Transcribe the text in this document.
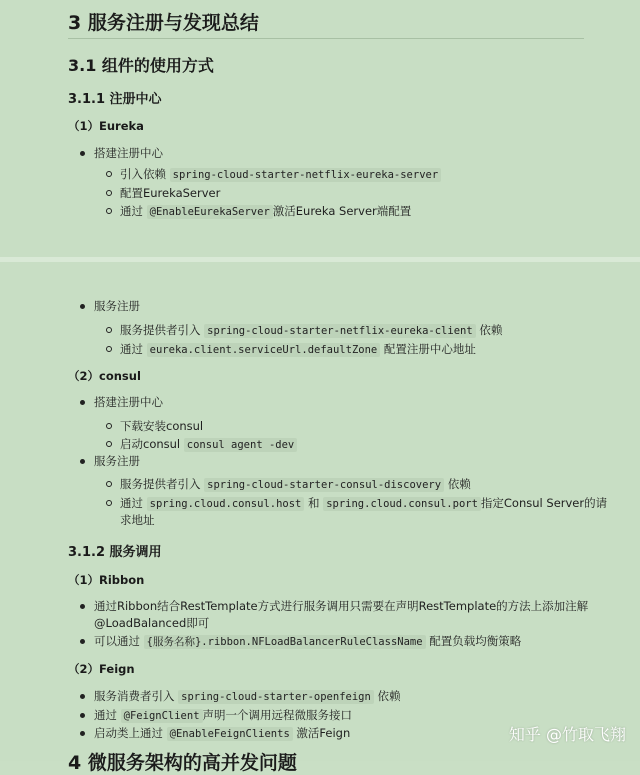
3 服务注册与发现总结
3.1 组件的使用方式
3.1.1 注册中心
（1）Eureka
搭建注册中心
引入依赖 spring-cloud-starter-netflix-eureka-server
配置EurekaServer
通过 @EnableEurekaServer 激活Eureka Server端配置
服务注册
服务提供者引入 spring-cloud-starter-netflix-eureka-client 依赖
通过 eureka.client.serviceUrl.defaultZone 配置注册中心地址
（2）consul
搭建注册中心
下载安装consul
启动consul consul agent -dev
服务注册
服务提供者引入 spring-cloud-starter-consul-discovery 依赖
通过 spring.cloud.consul.host 和 spring.cloud.consul.port 指定Consul Server的请
求地址
3.1.2 服务调用
（1）Ribbon
通过Ribbon结合RestTemplate方式进行服务调用只需要在声明RestTemplate的方法上添加注解
@LoadBalanced即可
可以通过 {服务名称}.ribbon.NFLoadBalancerRuleClassName 配置负载均衡策略
（2）Feign
服务消费者引入 spring-cloud-starter-openfeign 依赖
通过 @FeignClient 声明一个调用远程微服务接口
启动类上通过 @EnableFeignClients 激活Feign
4 微服务架构的高并发问题
知乎 @竹取飞翔
